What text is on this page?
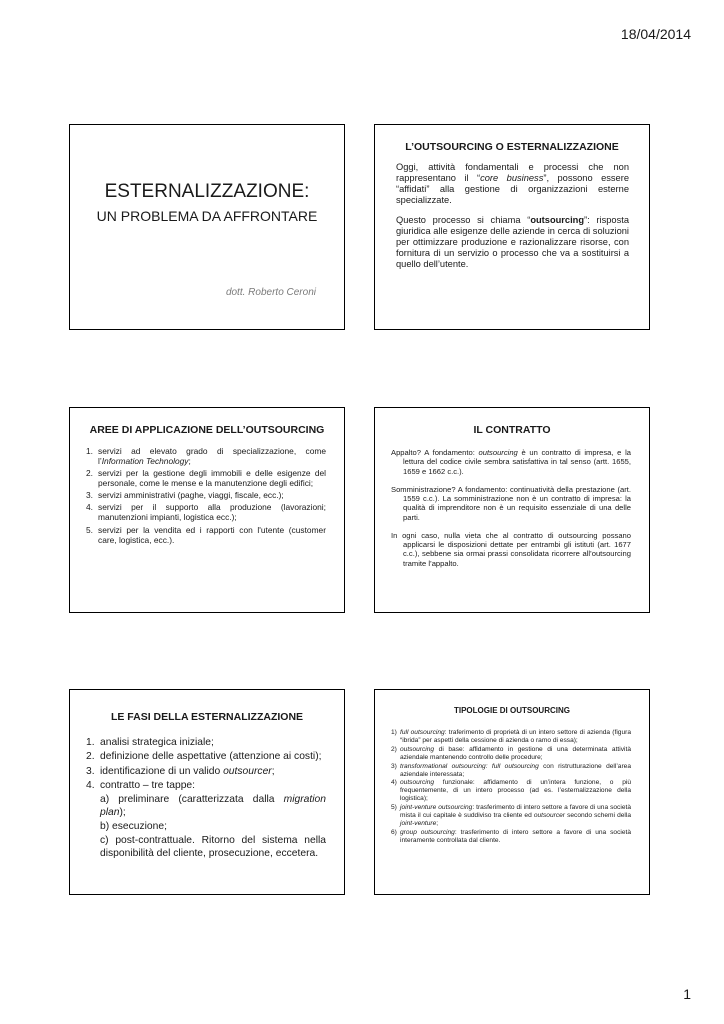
18/04/2014
ESTERNALIZZAZIONE:
UN PROBLEMA DA AFFRONTARE
dott. Roberto Ceroni
L’OUTSOURCING O ESTERNALIZZAZIONE
Oggi, attività fondamentali e processi che non rappresentano il “core business”, possono essere “affidati” alla gestione di organizzazioni esterne specializzate.
Questo processo si chiama “outsourcing”: risposta giuridica alle esigenze delle aziende in cerca di soluzioni per ottimizzare produzione e razionalizzare risorse, con fornitura di un servizio o processo che va a sostituirsi a quello dell’utente.
AREE DI APPLICAZIONE DELL’OUTSOURCING
1. servizi ad elevato grado di specializzazione, come l’Information Technology;
2. servizi per la gestione degli immobili e delle esigenze del personale, come le mense e la manutenzione degli edifici;
3. servizi amministrativi (paghe, viaggi, fiscale, ecc.);
4. servizi per il supporto alla produzione (lavorazioni; manutenzioni impianti, logistica ecc.);
5. servizi per la vendita ed i rapporti con l'utente (customer care, logistica, ecc.).
IL CONTRATTO
Appalto? A fondamento: outsourcing è un contratto di impresa, e la lettura del codice civile sembra satisfattiva in tal senso (artt. 1655, 1659 e 1662 c.c.).
Somministrazione? A fondamento: continuatività della prestazione (art. 1559 c.c.). La somministrazione non è un contratto di impresa: la qualità di imprenditore non è un requisito essenziale di una delle parti.
In ogni caso, nulla vieta che al contratto di outsourcing possano applicarsi le disposizioni dettate per entrambi gli istituti (art. 1677 c.c.), sebbene sia ormai prassi consolidata ricorrere all’outsourcing tramite l’appalto.
LE FASI DELLA ESTERNALIZZAZIONE
1. analisi strategica iniziale;
2. definizione delle aspettative (attenzione ai costi);
3. identificazione di un valido outsourcer;
4. contratto – tre tappe:
a) preliminare (caratterizzata dalla migration plan);
b) esecuzione;
c) post-contrattuale. Ritorno del sistema nella disponibilità del cliente, prosecuzione, eccetera.
TIPOLOGIE DI OUTSOURCING
1) full outsourcing: traferimento di proprietà di un intero settore di azienda (figura “ibrida” per aspetti della cessione di azienda o ramo di essa);
2) outsourcing di base: affidamento in gestione di una determinata attività aziendale mantenendo controllo delle procedure;
3) transformational outsourcing: full outsourcing con ristrutturazione dell’area aziendale interessata;
4) outsourcing funzionale: affidamento di un’intera funzione, o più frequentemente, di un intero processo (ad es. l’esternalizzazione della logistica);
5) joint-venture outsourcing: trasferimento di intero settore a favore di una società mista il cui capitale è suddiviso tra cliente ed outsourcer secondo schemi della joint-venture;
6) group outsourcing: trasferimento di intero settore a favore di una società interamente controllata dal cliente.
1
